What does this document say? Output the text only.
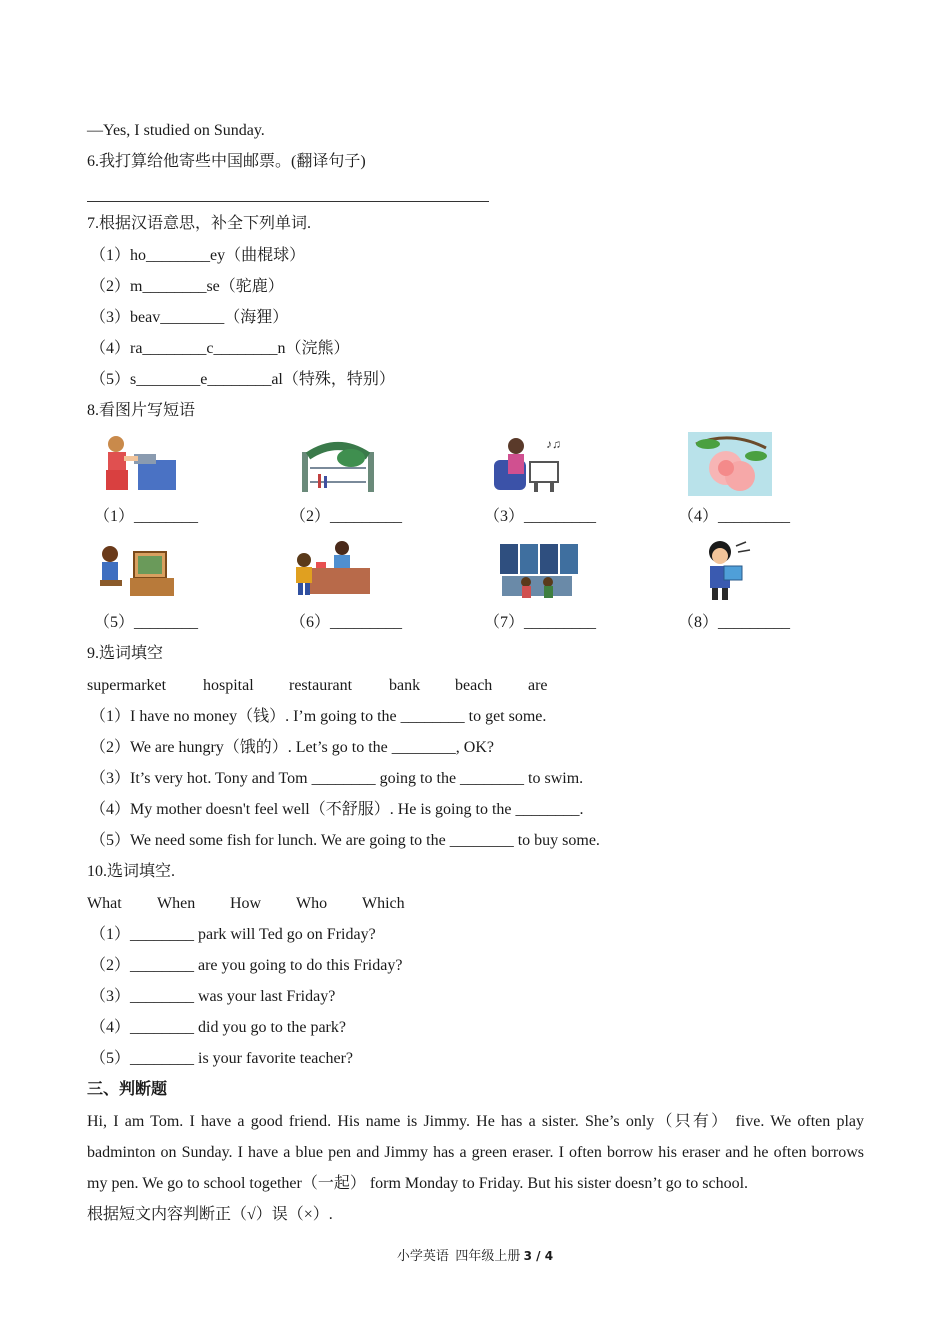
—Yes, I studied on Sunday.
6.我打算给他寄些中国邮票。(翻译句子)
7.根据汉语意思，补全下列单词.
（1）ho________ey（曲棍球）
（2）m________se（驼鹿）
（3）beav________（海狸）
（4）ra________c________n（浣熊）
（5）s________e________al（特殊，特别）
8.看图片写短语
♪♫
（1）________	（2）_________	（3）_________	（4）_________
（5）________	（6）_________	（7）_________	（8）_________
9.选词填空
supermarket hospital restaurant bank beach are
（1）I have no money（钱）. I’m going to the ________ to get some.
（2）We are hungry（饿的）. Let’s go to the ________, OK?
（3）It’s very hot. Tony and Tom ________ going to the ________ to swim.
（4）My mother doesn't feel well（不舒服）. He is going to the ________.
（5）We need some fish for lunch. We are going to the ________ to buy some.
10.选词填空.
What When How Who Which
（1）________ park will Ted go on Friday?
（2）________ are you going to do this Friday?
（3）________ was your last Friday?
（4）________ did you go to the park?
（5）________ is your favorite teacher?
三、判断题
Hi, I am Tom. I have a good friend. His name is Jimmy. He has a sister. She’s only（只有） five. We often play
badminton on Sunday. I have a blue pen and Jimmy has a green eraser. I often borrow his eraser and he often borrows
my pen. We go to school together（一起） form Monday to Friday. But his sister doesn’t go to school.
根据短文内容判断正（√）误（×）.
小学英语  四年级上册 3 / 4
